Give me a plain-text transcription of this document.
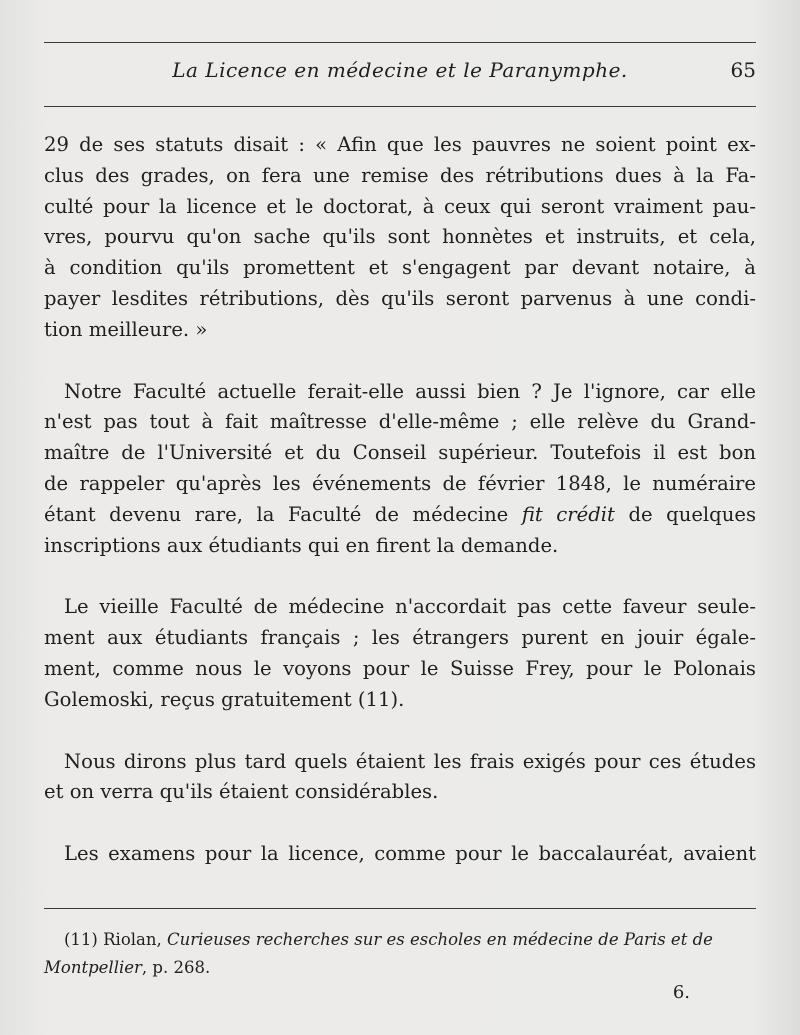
La Licence en médecine et le Paranymphe.	65

29 de ses statuts disait : « Afin que les pauvres ne soient point ex-

clus des grades, on fera une remise des rétributions dues à la Fa-

culté pour la licence et le doctorat, à ceux qui seront vraiment pau-

vres, pourvu qu'on sache qu'ils sont honnètes et instruits, et cela,

à condition qu'ils promettent et s'engagent par devant notaire, à

payer lesdites rétributions, dès qu'ils seront parvenus à une condi-

tion meilleure. »

Notre Faculté actuelle ferait-elle aussi bien ? Je l'ignore, car elle

n'est pas tout à fait maîtresse d'elle-même ; elle relève du Grand-

maître de l'Université et du Conseil supérieur. Toutefois il est bon

de rappeler qu'après les événements de février 1848, le numéraire

étant devenu rare, la Faculté de médecine fit crédit de quelques

inscriptions aux étudiants qui en firent la demande.

Le vieille Faculté de médecine n'accordait pas cette faveur seule-

ment aux étudiants français ; les étrangers purent en jouir égale-

ment, comme nous le voyons pour le Suisse Frey, pour le Polonais

Golemoski, reçus gratuitement (11).

Nous dirons plus tard quels étaient les frais exigés pour ces études

et on verra qu'ils étaient considérables.

Les examens pour la licence, comme pour le baccalauréat, avaient

(11) Riolan, Curieuses recherches sur es escholes en médecine de Paris et de
Montpellier, p. 268.
6.
